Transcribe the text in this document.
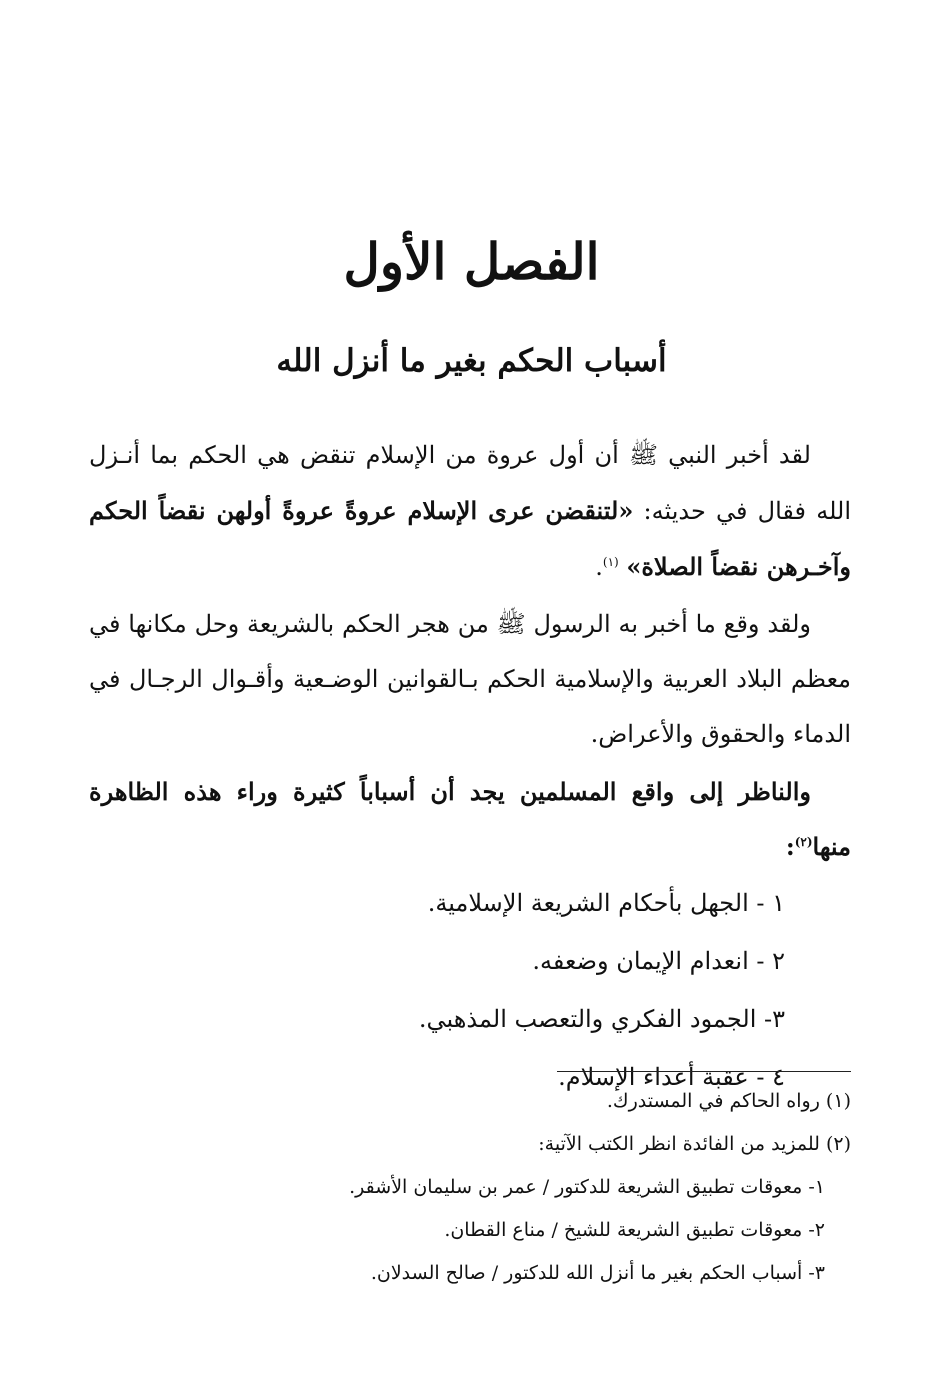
الفصل الأول
أسباب الحكم بغير ما أنزل الله

لقد أخبر النبي ﷺ أن أول عروة من الإسلام تنقض هي الحكم بما أنـزل الله فقال في حديثه: «لتنقضن عرى الإسلام عروةً عروةً أولهن نقضاً الحكم وآخـرهن نقضاً الصلاة» $^{(١)}$.

ولقد وقع ما أخبر به الرسول ﷺ من هجر الحكم بالشريعة وحل مكانها في معظم البلاد العربية والإسلامية الحكم بـالقوانين الوضـعية وأقـوال الرجـال في الدماء والحقوق والأعراض.

والناظر إلى واقع المسلمين يجد أن أسباباً كثيرة وراء هذه الظاهرة منها$^{(٢)}$:

١ - الجهل بأحكام الشريعة الإسلامية.
٢ - انعدام الإيمان وضعفه.
٣- الجمود الفكري والتعصب المذهبي.
٤ - عقبة أعداء الإسلام.

(١) رواه الحاكم في المستدرك.

(٢) للمزيد من الفائدة انظر الكتب الآتية:

١- معوقات تطبيق الشريعة للدكتور / عمر بن سليمان الأشقر.

٢- معوقات تطبيق الشريعة للشيخ / مناع القطان.

٣- أسباب الحكم بغير ما أنزل الله للدكتور / صالح السدلان.
